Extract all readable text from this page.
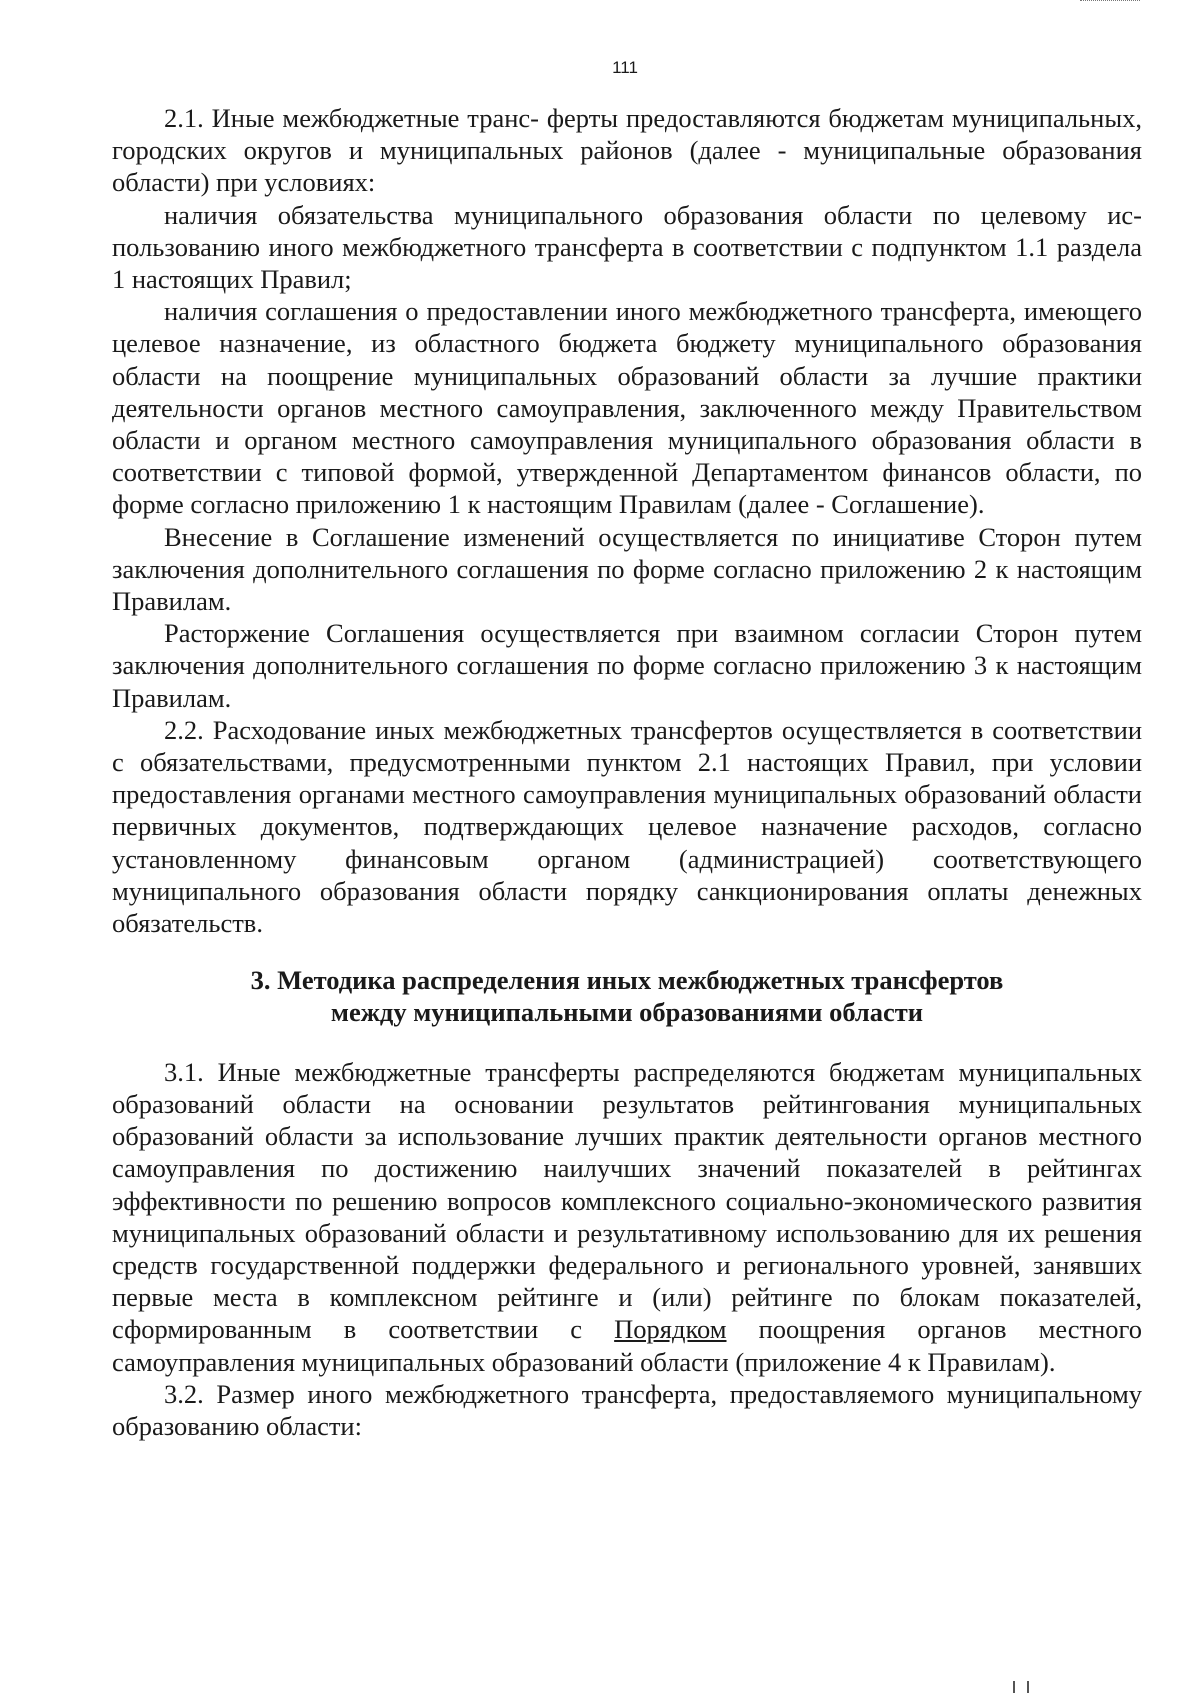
111

2.1. Иные межбюджетные транс- ферты предоставляются бюджетам муниципальных, городских округов и муниципальных районов (далее - муниципальные образования области) при условиях:

наличия обязательства муниципального образования области по целевому использованию иного межбюджетного трансферта в соответствии с подпунктом 1.1 раздела 1 настоящих Правил;

наличия соглашения о предоставлении иного межбюджетного трансферта, имеющего целевое назначение, из областного бюджета бюджету муниципального образования области на поощрение муниципальных образований области за лучшие практики деятельности органов местного самоуправления, заключенного между Правительством области и органом местного самоуправления муниципального образования области в соответствии с типовой формой, утвержденной Департаментом финансов области, по форме согласно приложению 1 к настоящим Правилам (далее - Соглашение).

Внесение в Соглашение изменений осуществляется по инициативе Сторон путем заключения дополнительного соглашения по форме согласно приложению 2 к настоящим Правилам.

Расторжение Соглашения осуществляется при взаимном согласии Сторон путем заключения дополнительного соглашения по форме согласно приложению 3 к настоящим Правилам.

2.2. Расходование иных межбюджетных трансфертов осуществляется в соответствии с обязательствами, предусмотренными пунктом 2.1 настоящих Правил, при условии предоставления органами местного самоуправления муниципальных образований области первичных документов, подтверждающих целевое назначение расходов, согласно установленному финансовым органом (администрацией) соответствующего муниципального образования области порядку санкционирования оплаты денежных обязательств.

3. Методика распределения иных межбюджетных трансфертов
между муниципальными образованиями области

3.1. Иные межбюджетные трансферты распределяются бюджетам муниципальных образований области на основании результатов рейтингования муниципальных образований области за использование лучших практик деятельности органов местного самоуправления по достижению наилучших значений показателей в рейтингах эффективности по решению вопросов комплексного социально-экономического развития муниципальных образований области и результативному использованию для их решения средств государственной поддержки федерального и регионального уровней, занявших первые места в комплексном рейтинге и (или) рейтинге по блокам показателей, сформированным в соответствии с Порядком поощрения органов местного самоуправления муниципальных образований области (приложение 4 к Правилам).

3.2. Размер иного межбюджетного трансферта, предоставляемого муниципальному образованию области:
